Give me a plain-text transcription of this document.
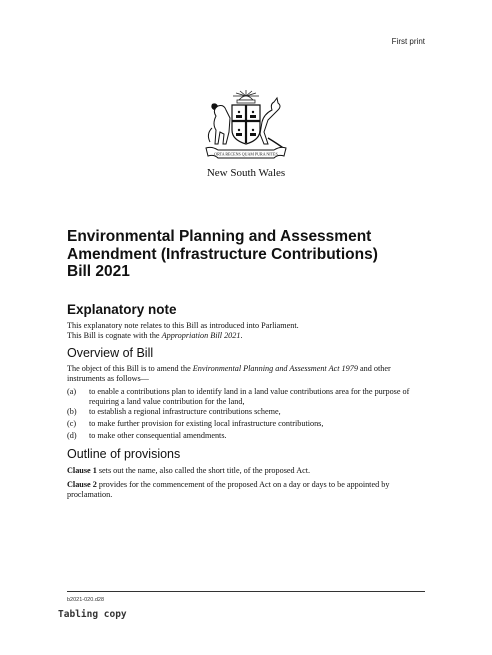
First print
ORTA RECENS QUAM PURA NITES
New South Wales
Environmental Planning and Assessment
Amendment (Infrastructure Contributions)
Bill 2021
Explanatory note
This explanatory note relates to this Bill as introduced into Parliament.
This Bill is cognate with the Appropriation Bill 2021.
Overview of Bill
The object of this Bill is to amend the Environmental Planning and Assessment Act 1979 and other instruments as follows—
(a) to enable a contributions plan to identify land in a land value contributions area for the purpose of requiring a land value contribution for the land,
(b) to establish a regional infrastructure contributions scheme,
(c) to make further provision for existing local infrastructure contributions,
(d) to make other consequential amendments.
Outline of provisions
Clause 1 sets out the name, also called the short title, of the proposed Act.
Clause 2 provides for the commencement of the proposed Act on a day or days to be appointed by proclamation.
b2021-020.d28
Tabling copy
